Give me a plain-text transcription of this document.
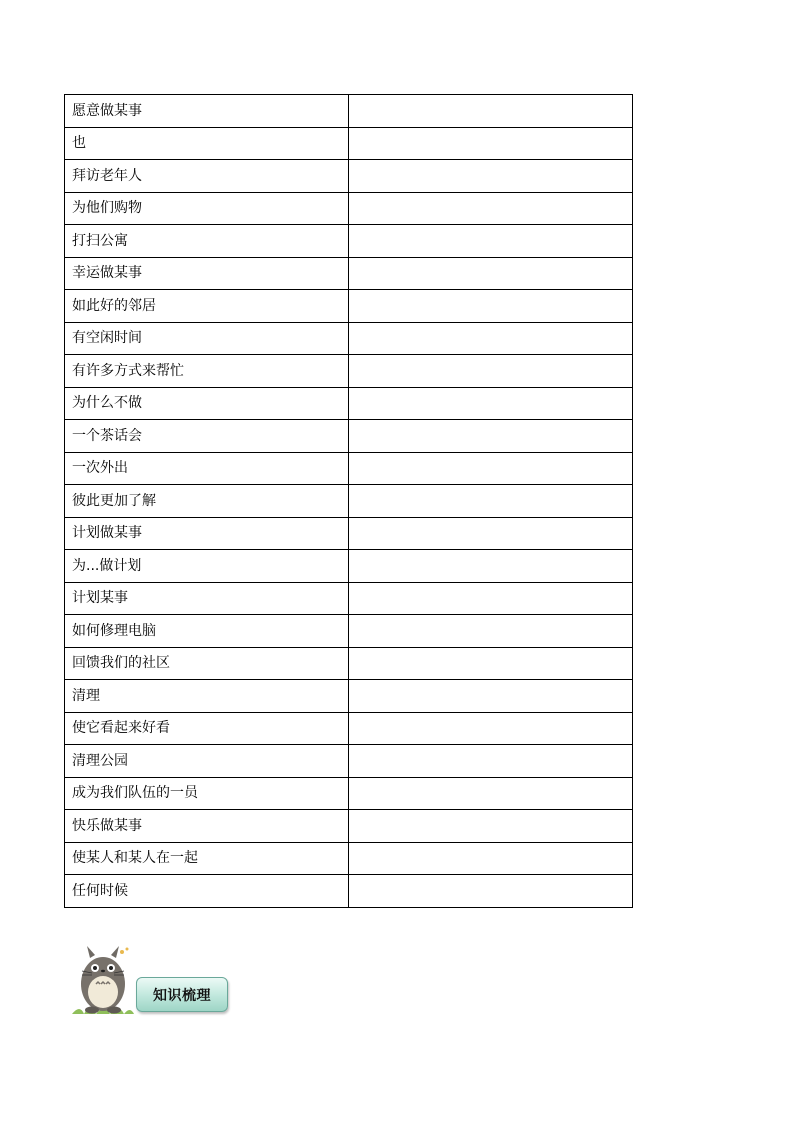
愿意做某事	
也	
拜访老年人	
为他们购物	
打扫公寓	
幸运做某事	
如此好的邻居	
有空闲时间	
有许多方式来帮忙	
为什么不做	
一个茶话会	
一次外出	
彼此更加了解	
计划做某事	
为...做计划	
计划某事	
如何修理电脑	
回馈我们的社区	
清理	
使它看起来好看	
清理公园	
成为我们队伍的一员	
快乐做某事	
使某人和某人在一起	
任何时候	
知识梳理
